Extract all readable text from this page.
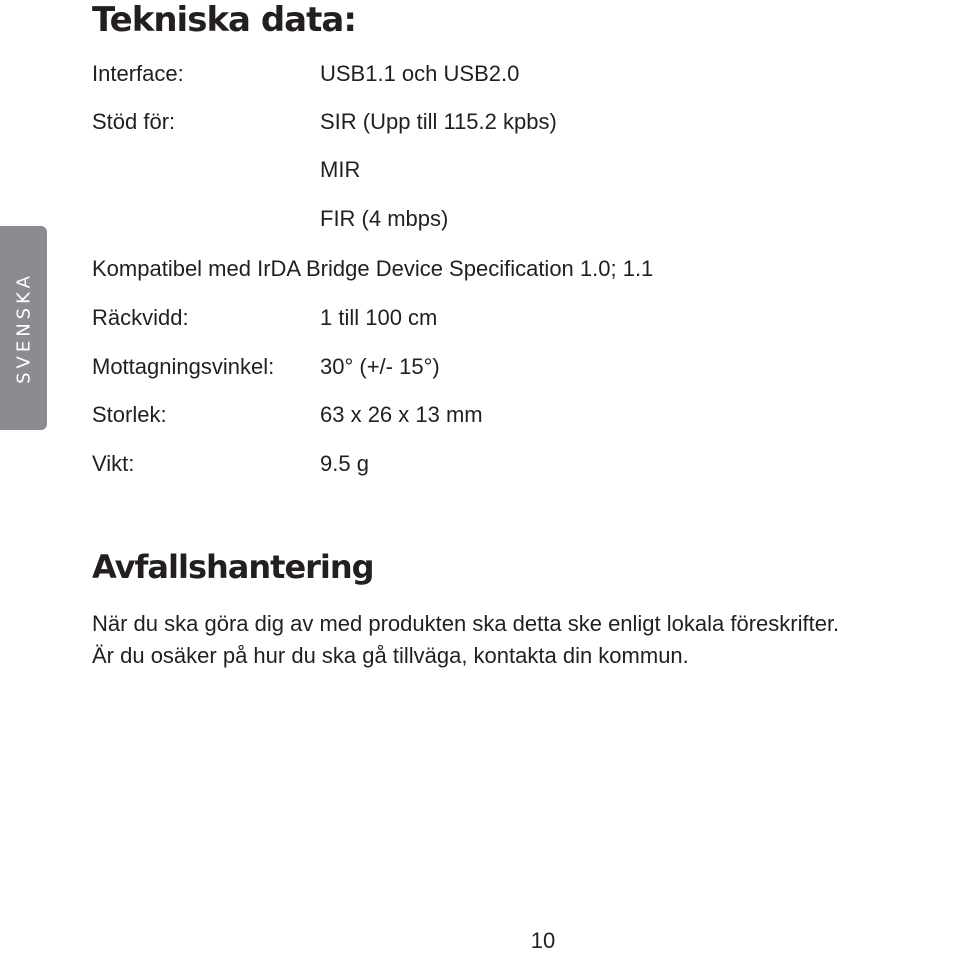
Tekniska data:
SVENSKA
Interface:	USB1.1 och USB2.0
Stöd för:	SIR (Upp till 115.2 kpbs)
MIR
FIR (4 mbps)
Kompatibel med IrDA Bridge Device Specification 1.0; 1.1
Räckvidd:	1 till 100 cm
Mottagningsvinkel: 30° (+/- 15°)
Storlek:	63 x 26 x 13 mm
Vikt:	9.5 g
Avfallshantering
När du ska göra dig av med produkten ska detta ske enligt lokala föreskrifter.
Är du osäker på hur du ska gå tillväga, kontakta din kommun.
10
